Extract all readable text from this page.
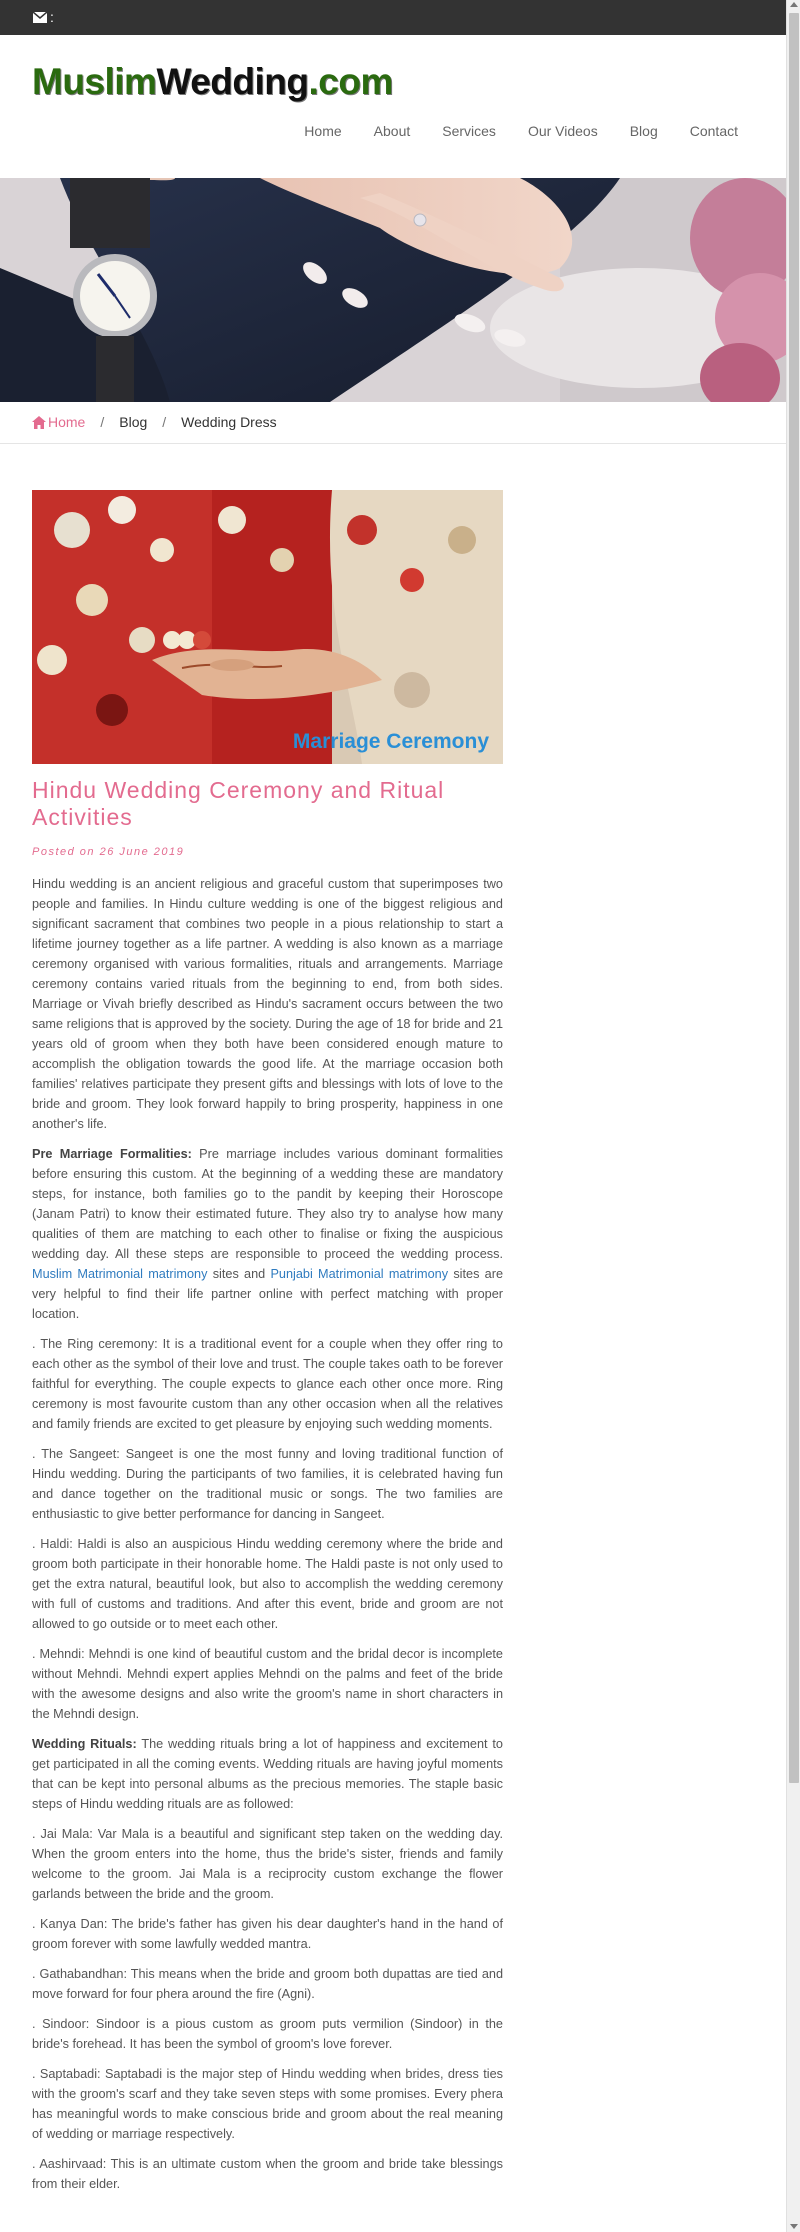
:
MuslimWedding.com
Home	About	Services	Our Videos	Blog	Contact
Home	/	Blog	/	Wedding Dress
Marriage Ceremony
Hindu Wedding Ceremony and Ritual Activities
Posted on 26 June 2019

Hindu wedding is an ancient religious and graceful custom that superimposes two people and families. In Hindu culture wedding is one of the biggest religious and significant sacrament that combines two people in a pious relationship to start a lifetime journey together as a life partner. A wedding is also known as a marriage ceremony organised with various formalities, rituals and arrangements. Marriage ceremony contains varied rituals from the beginning to end, from both sides. Marriage or Vivah briefly described as Hindu's sacrament occurs between the two same religions that is approved by the society. During the age of 18 for bride and 21 years old of groom when they both have been considered enough mature to accomplish the obligation towards the good life. At the marriage occasion both families' relatives participate they present gifts and blessings with lots of love to the bride and groom. They look forward happily to bring prosperity, happiness in one another's life.

Pre Marriage Formalities: Pre marriage includes various dominant formalities before ensuring this custom. At the beginning of a wedding these are mandatory steps, for instance, both families go to the pandit by keeping their Horoscope (Janam Patri) to know their estimated future. They also try to analyse how many qualities of them are matching to each other to finalise or fixing the auspicious wedding day. All these steps are responsible to proceed the wedding process. Muslim Matrimonial matrimony sites and Punjabi Matrimonial matrimony sites are very helpful to find their life partner online with perfect matching with proper location.

. The Ring ceremony: It is a traditional event for a couple when they offer ring to each other as the symbol of their love and trust. The couple takes oath to be forever faithful for everything. The couple expects to glance each other once more. Ring ceremony is most favourite custom than any other occasion when all the relatives and family friends are excited to get pleasure by enjoying such wedding moments.

. The Sangeet: Sangeet is one the most funny and loving traditional function of Hindu wedding. During the participants of two families, it is celebrated having fun and dance together on the traditional music or songs. The two families are enthusiastic to give better performance for dancing in Sangeet.

. Haldi: Haldi is also an auspicious Hindu wedding ceremony where the bride and groom both participate in their honorable home. The Haldi paste is not only used to get the extra natural, beautiful look, but also to accomplish the wedding ceremony with full of customs and traditions. And after this event, bride and groom are not allowed to go outside or to meet each other.

. Mehndi: Mehndi is one kind of beautiful custom and the bridal decor is incomplete without Mehndi. Mehndi expert applies Mehndi on the palms and feet of the bride with the awesome designs and also write the groom's name in short characters in the Mehndi design.

Wedding Rituals: The wedding rituals bring a lot of happiness and excitement to get participated in all the coming events. Wedding rituals are having joyful moments that can be kept into personal albums as the precious memories. The staple basic steps of Hindu wedding rituals are as followed:

. Jai Mala: Var Mala is a beautiful and significant step taken on the wedding day. When the groom enters into the home, thus the bride's sister, friends and family welcome to the groom. Jai Mala is a reciprocity custom exchange the flower garlands between the bride and the groom.

. Kanya Dan: The bride's father has given his dear daughter's hand in the hand of groom forever with some lawfully wedded mantra.

. Gathabandhan: This means when the bride and groom both dupattas are tied and move forward for four phera around the fire (Agni).

. Sindoor: Sindoor is a pious custom as groom puts vermilion (Sindoor) in the bride's forehead. It has been the symbol of groom's love forever.

. Saptabadi: Saptabadi is the major step of Hindu wedding when brides, dress ties with the groom's scarf and they take seven steps with some promises. Every phera has meaningful words to make conscious bride and groom about the real meaning of wedding or marriage respectively.

. Aashirvaad: This is an ultimate custom when the groom and bride take blessings from their elder.
